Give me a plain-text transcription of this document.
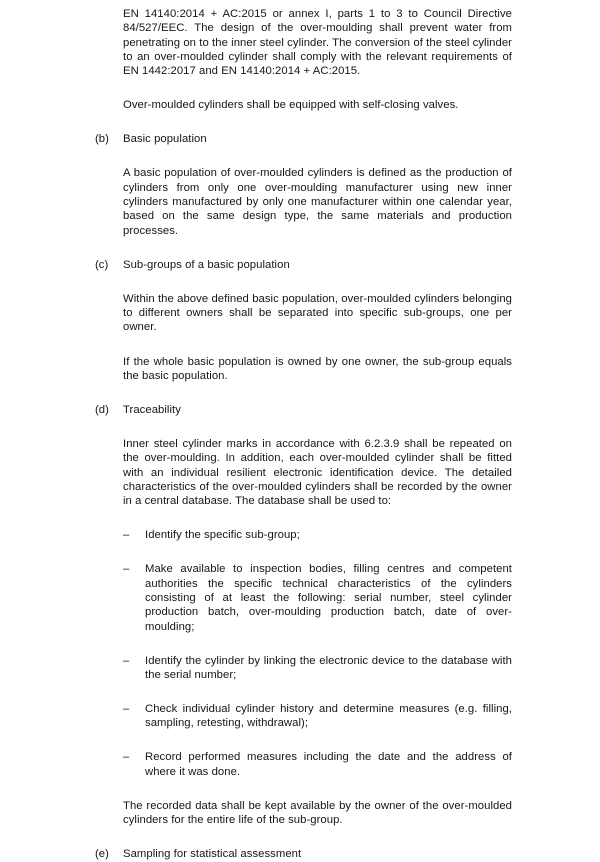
EN 14140:2014 + AC:2015 or annex I, parts 1 to 3 to Council Directive 84/527/EEC. The design of the over-moulding shall prevent water from penetrating on to the inner steel cylinder. The conversion of the steel cylinder to an over-moulded cylinder shall comply with the relevant requirements of EN 1442:2017 and EN 14140:2014 + AC:2015.

Over-moulded cylinders shall be equipped with self-closing valves.

(b)	Basic population

A basic population of over-moulded cylinders is defined as the production of cylinders from only one over-moulding manufacturer using new inner cylinders manufactured by only one manufacturer within one calendar year, based on the same design type, the same materials and production processes.

(c)	Sub-groups of a basic population

Within the above defined basic population, over-moulded cylinders belonging to different owners shall be separated into specific sub-groups, one per owner.

If the whole basic population is owned by one owner, the sub-group equals the basic population.

(d)	Traceability

Inner steel cylinder marks in accordance with 6.2.3.9 shall be repeated on the over-moulding. In addition, each over-moulded cylinder shall be fitted with an individual resilient electronic identification device. The detailed characteristics of the over-moulded cylinders shall be recorded by the owner in a central database. The database shall be used to:

–	Identify the specific sub-group;

–	Make available to inspection bodies, filling centres and competent authorities the specific technical characteristics of the cylinders consisting of at least the following: serial number, steel cylinder production batch, over-moulding production batch, date of over-moulding;

–	Identify the cylinder by linking the electronic device to the database with the serial number;

–	Check individual cylinder history and determine measures (e.g. filling, sampling, retesting, withdrawal);

–	Record performed measures including the date and the address of where it was done.

The recorded data shall be kept available by the owner of the over-moulded cylinders for the entire life of the sub-group.

(e)	Sampling for statistical assessment
